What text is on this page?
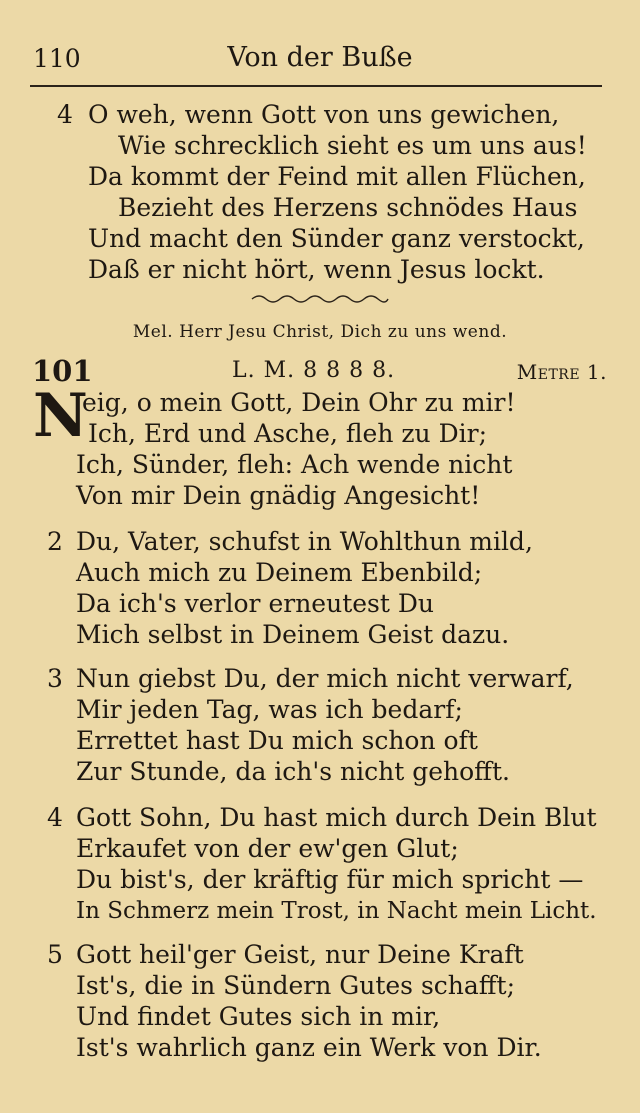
110	Von der Buße
4 O weh, wenn Gott von uns gewichen,
Wie schrecklich sieht es um uns aus!
Da kommt der Feind mit allen Flüchen,
Bezieht des Herzens schnödes Haus
Und macht den Sünder ganz verstockt,
Daß er nicht hört, wenn Jesus lockt.
Mel. Herr Jesu Christ, Dich zu uns wend.
101	L. M. 8 8 8 8.	Metre 1.
N
eig, o mein Gott, Dein Ohr zu mir!
Ich, Erd und Asche, fleh zu Dir;
Ich, Sünder, fleh: Ach wende nicht
Von mir Dein gnädig Angesicht!
2 Du, Vater, schufst in Wohlthun mild,
Auch mich zu Deinem Ebenbild;
Da ich's verlor erneutest Du
Mich selbst in Deinem Geist dazu.
3 Nun giebst Du, der mich nicht verwarf,
Mir jeden Tag, was ich bedarf;
Errettet hast Du mich schon oft
Zur Stunde, da ich's nicht gehofft.
4 Gott Sohn, Du hast mich durch Dein Blut
Erkaufet von der ew'gen Glut;
Du bist's, der kräftig für mich spricht —
In Schmerz mein Trost, in Nacht mein Licht.
5 Gott heil'ger Geist, nur Deine Kraft
Ist's, die in Sündern Gutes schafft;
Und findet Gutes sich in mir,
Ist's wahrlich ganz ein Werk von Dir.
